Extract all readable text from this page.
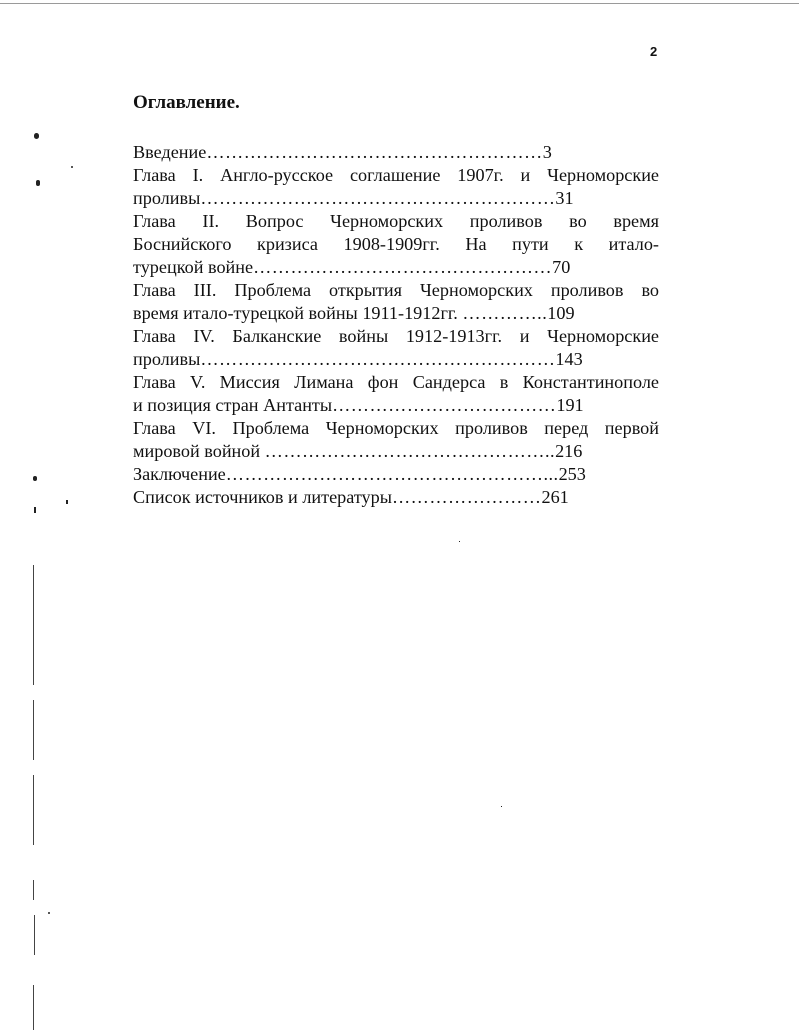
2
Оглавление.
Введение………………………………………………3
Глава I. Англо-русское соглашение 1907г. и Черноморские
проливы…………………………………………………31
Глава II. Вопрос Черноморских проливов во время
Боснийского кризиса 1908-1909гг. На пути к итало-
турецкой войне…………………………………………70
Глава III. Проблема открытия Черноморских проливов во
время итало-турецкой войны 1911-1912гг. …………..109
Глава IV. Балканские войны 1912-1913гг. и Черноморские
проливы…………………………………………………143
Глава V. Миссия Лимана фон Сандерса в Константинополе
и позиция стран Антанты………………………………191
Глава VI. Проблема Черноморских проливов перед первой
мировой войной ………………………………………..216
Заключение……………………………………………...253
Список источников и литературы……………………261
